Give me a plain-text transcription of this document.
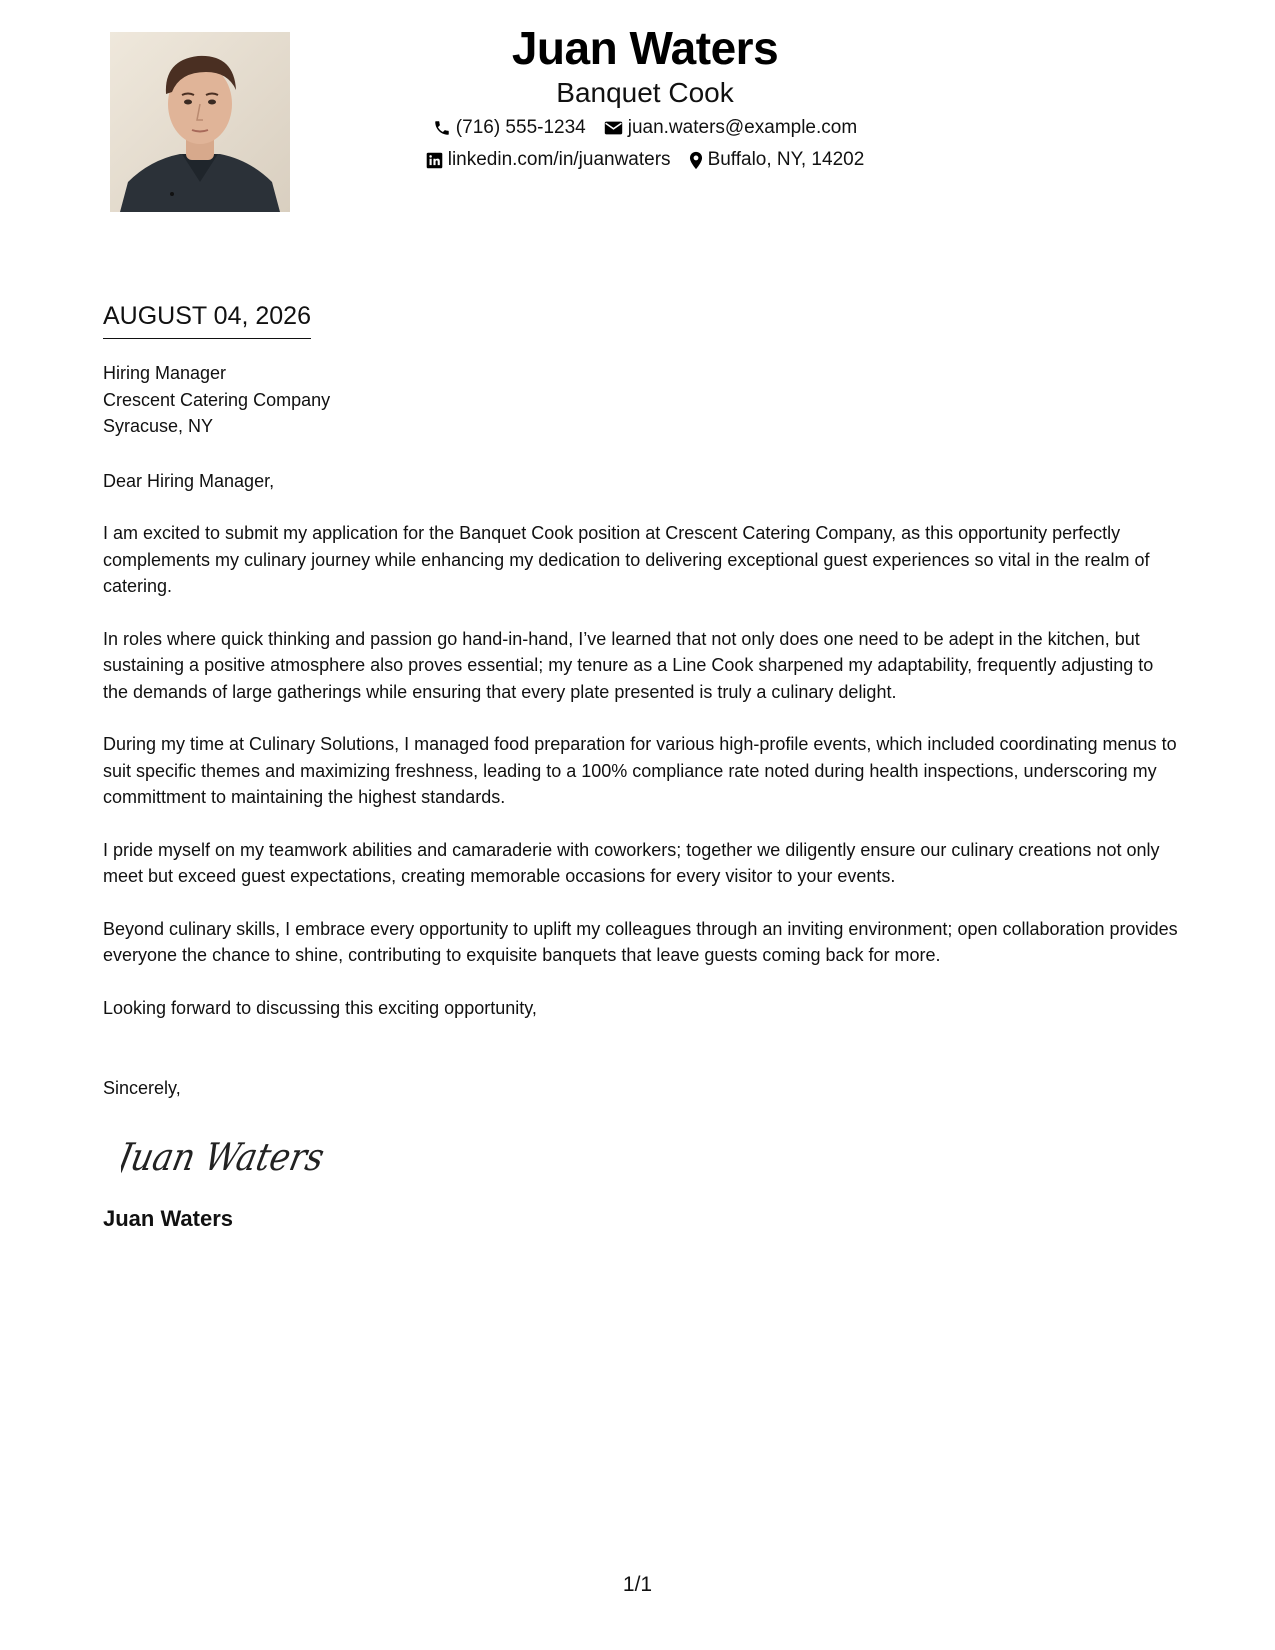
Juan Waters
Banquet Cook
(716) 555-1234 juan.waters@example.com
linkedin.com/in/juanwaters Buffalo, NY, 14202
AUGUST 04, 2026
Hiring Manager
Crescent Catering Company
Syracuse, NY
Dear Hiring Manager,
I am excited to submit my application for the Banquet Cook position at Crescent Catering Company, as this opportunity perfectly complements my culinary journey while enhancing my dedication to delivering exceptional guest experiences so vital in the realm of catering.
In roles where quick thinking and passion go hand-in-hand, I’ve learned that not only does one need to be adept in the kitchen, but sustaining a positive atmosphere also proves essential; my tenure as a Line Cook sharpened my adaptability, frequently adjusting to the demands of large gatherings while ensuring that every plate presented is truly a culinary delight.
During my time at Culinary Solutions, I managed food preparation for various high-profile events, which included coordinating menus to suit specific themes and maximizing freshness, leading to a 100% compliance rate noted during health inspections, underscoring my committment to maintaining the highest standards.
I pride myself on my teamwork abilities and camaraderie with coworkers; together we diligently ensure our culinary creations not only meet but exceed guest expectations, creating memorable occasions for every visitor to your events.
Beyond culinary skills, I embrace every opportunity to uplift my colleagues through an inviting environment; open collaboration provides everyone the chance to shine, contributing to exquisite banquets that leave guests coming back for more.
Looking forward to discussing this exciting opportunity,
Sincerely,
Juan Waters
Juan Waters
1/1
